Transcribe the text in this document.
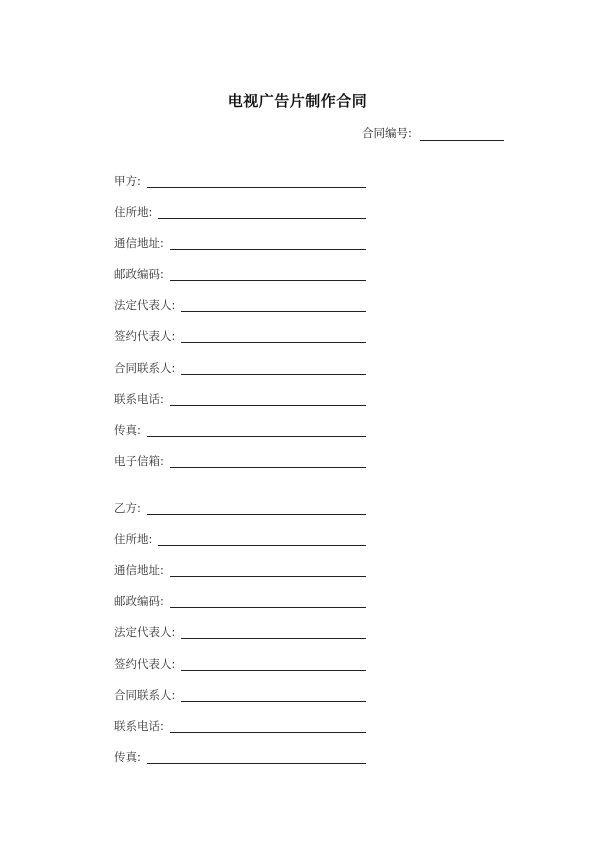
电视广告片制作合同
合同编号:
甲方:
住所地:
通信地址:
邮政编码:
法定代表人:
签约代表人:
合同联系人:
联系电话:
传真:
电子信箱:
乙方:
住所地:
通信地址:
邮政编码:
法定代表人:
签约代表人:
合同联系人:
联系电话:
传真:
